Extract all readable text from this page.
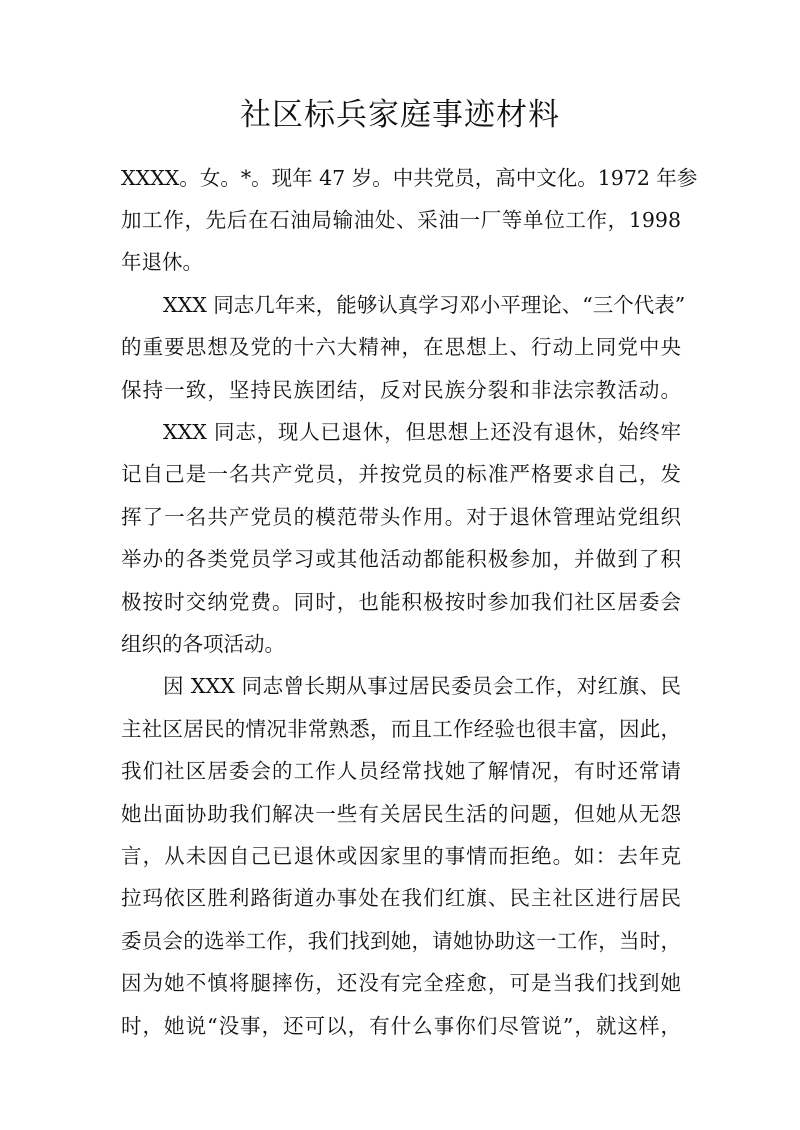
社区标兵家庭事迹材料

XXXX。女。*。现年 47 岁。中共党员，高中文化。1972 年参

加工作，先后在石油局输油处、采油一厂等单位工作，1998

年退休。

XXX 同志几年来，能够认真学习邓小平理论、“三个代表”

的重要思想及党的十六大精神，在思想上、行动上同党中央

保持一致，坚持民族团结，反对民族分裂和非法宗教活动。

XXX 同志，现人已退休，但思想上还没有退休，始终牢

记自己是一名共产党员，并按党员的标准严格要求自己，发

挥了一名共产党员的模范带头作用。对于退休管理站党组织

举办的各类党员学习或其他活动都能积极参加，并做到了积

极按时交纳党费。同时，也能积极按时参加我们社区居委会

组织的各项活动。

因 XXX 同志曾长期从事过居民委员会工作，对红旗、民

主社区居民的情况非常熟悉，而且工作经验也很丰富，因此，

我们社区居委会的工作人员经常找她了解情况，有时还常请

她出面协助我们解决一些有关居民生活的问题，但她从无怨

言，从未因自己已退休或因家里的事情而拒绝。如：去年克

拉玛依区胜利路街道办事处在我们红旗、民主社区进行居民

委员会的选举工作，我们找到她，请她协助这一工作，当时，

因为她不慎将腿摔伤，还没有完全痊愈，可是当我们找到她

时，她说“没事，还可以，有什么事你们尽管说”，就这样，
